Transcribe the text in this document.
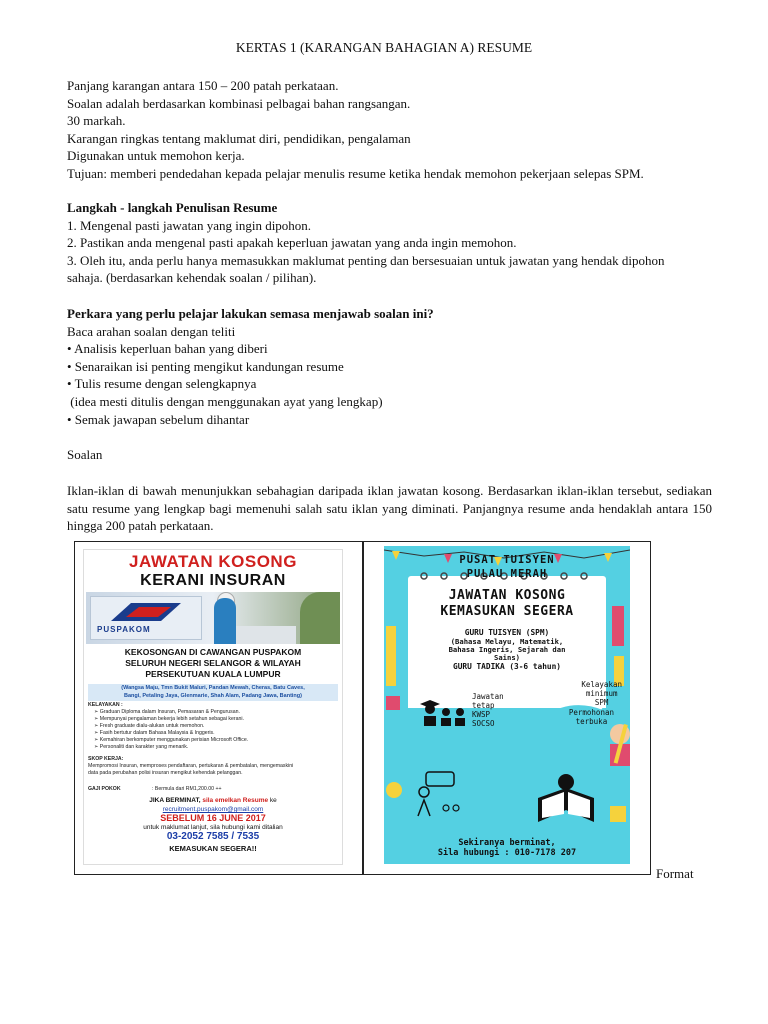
KERTAS 1 (KARANGAN BAHAGIAN A) RESUME
Panjang karangan antara 150 – 200 patah perkataan.
Soalan adalah berdasarkan kombinasi pelbagai bahan rangsangan.
30 markah.
Karangan ringkas tentang maklumat diri, pendidikan, pengalaman
Digunakan untuk memohon kerja.
Tujuan: memberi pendedahan kepada pelajar menulis resume ketika hendak memohon pekerjaan selepas SPM.
Langkah - langkah Penulisan Resume
1. Mengenal pasti jawatan yang ingin dipohon.
2. Pastikan anda mengenal pasti apakah keperluan jawatan yang anda ingin memohon.
3. Oleh itu, anda perlu hanya memasukkan maklumat penting dan bersesuaian untuk jawatan yang hendak dipohon
sahaja. (berdasarkan kehendak soalan / pilihan).
Perkara yang perlu pelajar lakukan semasa menjawab soalan ini?
Baca arahan soalan dengan teliti
• Analisis keperluan bahan yang diberi
• Senaraikan isi penting mengikut kandungan resume
• Tulis resume dengan selengkapnya
(idea mesti ditulis dengan menggunakan ayat yang lengkap)
• Semak jawapan sebelum dihantar
Soalan
Iklan-iklan di bawah menunjukkan sebahagian daripada iklan jawatan kosong. Berdasarkan iklan-iklan tersebut, sediakan satu resume yang lengkap bagi memenuhi salah satu iklan yang diminati. Panjangnya resume anda hendaklah antara 150 hingga 200 patah perkataan.
Format
JAWATAN KOSONG
KERANI INSURAN
PUSPAKOM
KEKOSONGAN DI CAWANGAN PUSPAKOM
SELURUH NEGERI SELANGOR & WILAYAH
PERSEKUTUAN KUALA LUMPUR
(Wangsa Maju, Tmn Bukit Maluri, Pandan Mewah, Cheras, Batu Caves,
Bangi, Petaling Jaya, Glenmarie, Shah Alam, Padang Jawa, Banting)
KELAYAKAN :
➢ Graduan Diploma dalam Insuran, Pemasaran & Pengurusan.
➢ Mempunyai pengalaman bekerja lebih setahun sebagai kerani.
➢ Fresh graduate dialu-alukan untuk memohon.
➢ Fasih bertutur dalam Bahasa Malaysia & Inggeris.
➢ Kemahiran berkomputer menggunakan perisian Microsoft Office.
➢ Personaliti dan karakter yang menarik.
SKOP KERJA:
Mempromosi Insuran, memproses pendaftaran, pertukaran & pembatalan, mengemaskini
data pada perubahan polisi insuran mengikut kehendak pelanggan.
GAJI POKOK	: Bermula dari RM1,200.00 ++
JIKA BERMINAT, sila emelkan Resume ke
recruitment.puspakom@gmail.com
SEBELUM 16 JUNE 2017
untuk maklumat lanjut, sila hubungi kami ditalian
03-2052 7585 / 7535
KEMASUKAN SEGERA!!
PUSAT TUISYEN
PULAU MERAH
JAWATAN KOSONG
KEMASUKAN SEGERA
GURU TUISYEN (SPM)
(Bahasa Melayu, Matematik,
Bahasa Ingeris, Sejarah dan
Sains)
GURU TADIKA (3-6 tahun)
Kelayakan
minimum
SPM
Jawatan
tetap
KWSP
SOCSO
Permohonan
terbuka
Sekiranya berminat,
Sila hubungi : 010-7178 207
